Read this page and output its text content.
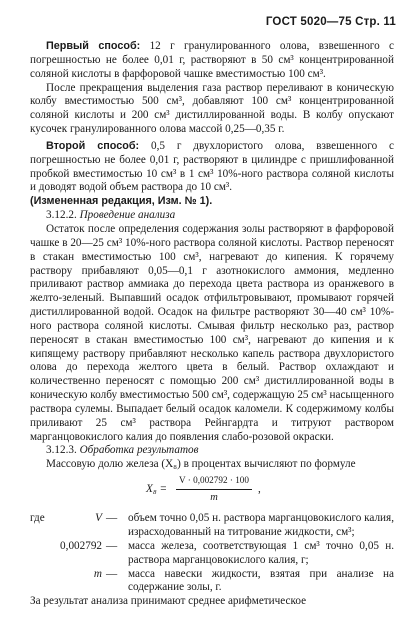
ГОСТ 5020—75 Стр. 11

Первый способ: 12 г гранулированного олова, взвешенного с погрешностью не более 0,01 г, растворяют в 50 см³ концентрированной соляной кислоты в фарфоровой чашке вместимостью 100 см³.

После прекращения выделения газа раствор переливают в коническую колбу вместимостью 500 см³, добавляют 100 см³ концентрированной соляной кислоты и 200 см³ дистиллированной воды. В колбу опускают кусочек гранулированного олова массой 0,25—0,35 г.

Второй способ: 0,5 г двухлористого олова, взвешенного с погрешностью не более 0,01 г, растворяют в цилиндре с пришлифованной пробкой вместимостью 10 см³ в 1 см³ 10%-ного раствора соляной кислоты и доводят водой объем раствора до 10 см³.

(Измененная редакция, Изм. № 1).

3.12.2. Проведение анализа

Остаток после определения содержания золы растворяют в фарфоровой чашке в 20—25 см³ 10%-ного раствора соляной кислоты. Раствор переносят в стакан вместимостью 100 см³, нагревают до кипения. К горячему раствору прибавляют 0,05—0,1 г азотнокислого аммония, медленно приливают раствор аммиака до перехода цвета раствора из оранжевого в желто-зеленый. Выпавший осадок отфильтровывают, промывают горячей дистиллированной водой. Осадок на фильтре растворяют 30—40 см³ 10%-ного раствора соляной кислоты. Смывая фильтр несколько раз, раствор переносят в стакан вместимостью 100 см³, нагревают до кипения и к кипящему раствору прибавляют несколько капель раствора двухлористого олова до перехода желтого цвета в белый. Раствор охлаждают и количественно переносят с помощью 200 см³ дистиллированной воды в коническую колбу вместимостью 500 см³, содержащую 25 см³ насыщенного раствора сулемы. Выпадает белый осадок каломели. К содержимому колбы приливают 25 см³ раствора Рейнгардта и титруют раствором марганцовокислого калия до появления слабо-розовой окраски.

3.12.3. Обработка результатов

Массовую долю железа (X₈) в процентах вычисляют по формуле

$X_8 = \frac{V \cdot 0,002792 \cdot 100}{m}$ ,
где	V — объем точно 0,05 н. раствора марганцовокислого калия, израсходованный на титрование жидкости, см³;
0,002792 — масса железа, соответствующая 1 см³ точно 0,05 н. раствора марганцовокислого калия, г;
m — масса навески жидкости, взятая при анализе на содержание золы, г.

За результат анализа принимают среднее арифметическое
